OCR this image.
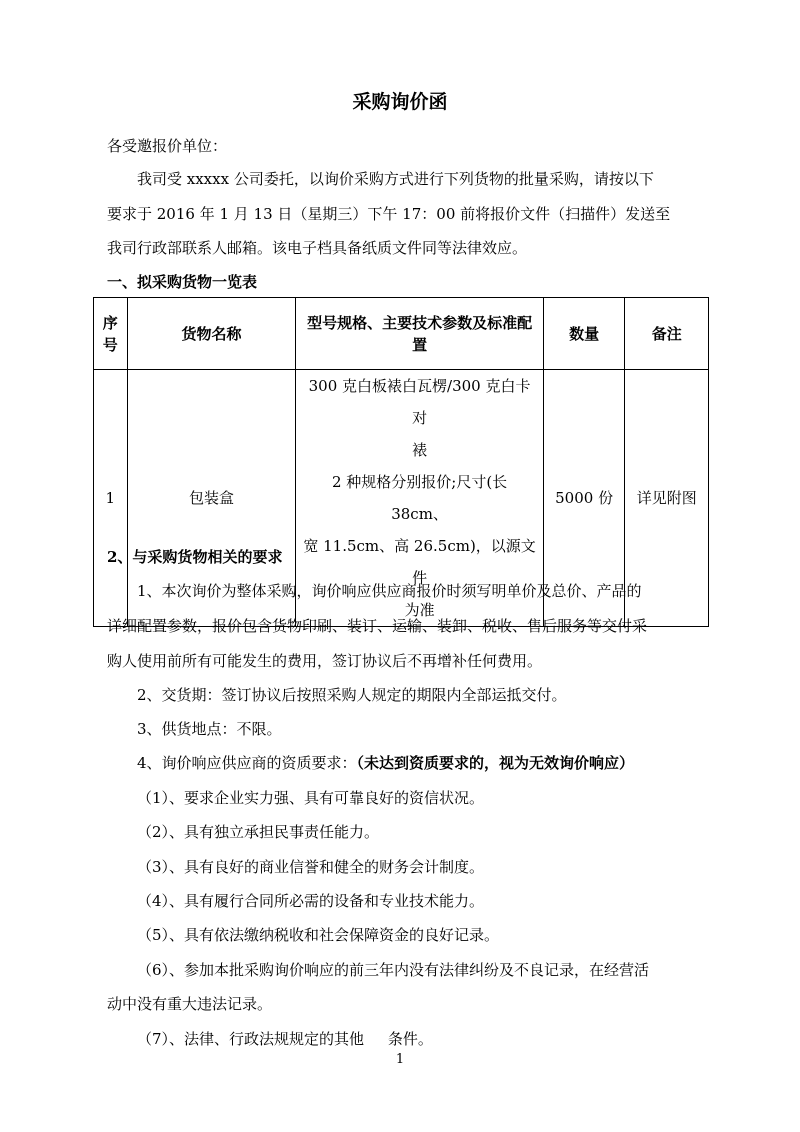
采购询价函
各受邀报价单位：
我司受 xxxxx 公司委托，以询价采购方式进行下列货物的批量采购，请按以下
要求于 2016 年 1 月 13 日（星期三）下午 17：00 前将报价文件（扫描件）发送至
我司行政部联系人邮箱。该电子档具备纸质文件同等法律效应。
一、拟采购货物一览表
序
号	货物名称	型号规格、主要技术参数及标准配
置	数量	备注
1	包装盒	300 克白板裱白瓦楞/300 克白卡对
裱
2 种规格分别报价;尺寸(长 38cm、
宽 11.5cm、高 26.5cm)，以源文件
为准	5000 份	详见附图
2、与采购货物相关的要求
1、本次询价为整体采购，询价响应供应商报价时须写明单价及总价、产品的
详细配置参数，报价包含货物印刷、装订、运输、装卸、税收、售后服务等交付采
购人使用前所有可能发生的费用，签订协议后不再增补任何费用。
2、交货期：签订协议后按照采购人规定的期限内全部运抵交付。
3、供货地点：不限。
4、询价响应供应商的资质要求：（未达到资质要求的，视为无效询价响应）
（1）、要求企业实力强、具有可靠良好的资信状况。
（2）、具有独立承担民事责任能力。
（3）、具有良好的商业信誉和健全的财务会计制度。
（4）、具有履行合同所必需的设备和专业技术能力。
（5）、具有依法缴纳税收和社会保障资金的良好记录。
（6）、参加本批采购询价响应的前三年内没有法律纠纷及不良记录，在经营活
动中没有重大违法记录。
（7）、法律、行政法规规定的其他     条件。
1
